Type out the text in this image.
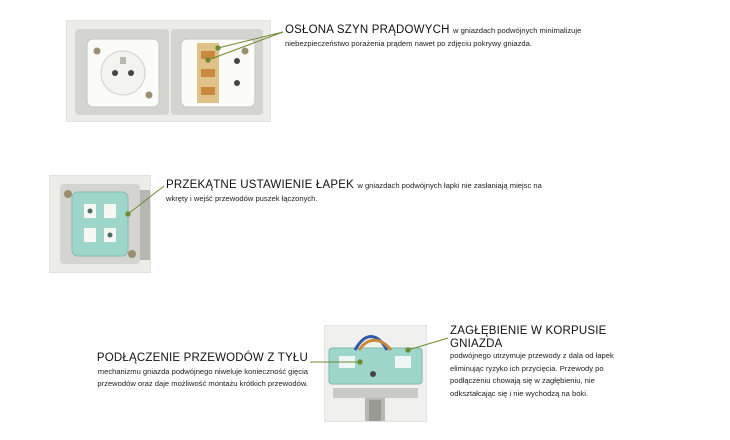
OSŁONA SZYN PRĄDOWYCH w gniazdach podwójnych minimalizuje niebezpieczeństwo porażenia prądem nawet po zdjęciu pokrywy gniazda.
PRZEKĄTNE USTAWIENIE ŁAPEK w gniazdach podwójnych łapki nie zasłaniają miejsc na wkręty i wejść przewodów puszek łączonych.
ZAGŁĘBIENIE W KORPUSIE GNIAZDA
podwójnego utrzymuje przewody z dala od łapek eliminując ryzyko ich przycięcia. Przewody po podłączeniu chowają się w zagłębieniu, nie odkształcając się i nie wychodzą na boki.
PODŁĄCZENIE PRZEWODÓW Z TYŁU mechanizmu gniazda podwójnego niweluje konieczność gięcia przewodów oraz daje możliwość montażu krótkich przewodów.
